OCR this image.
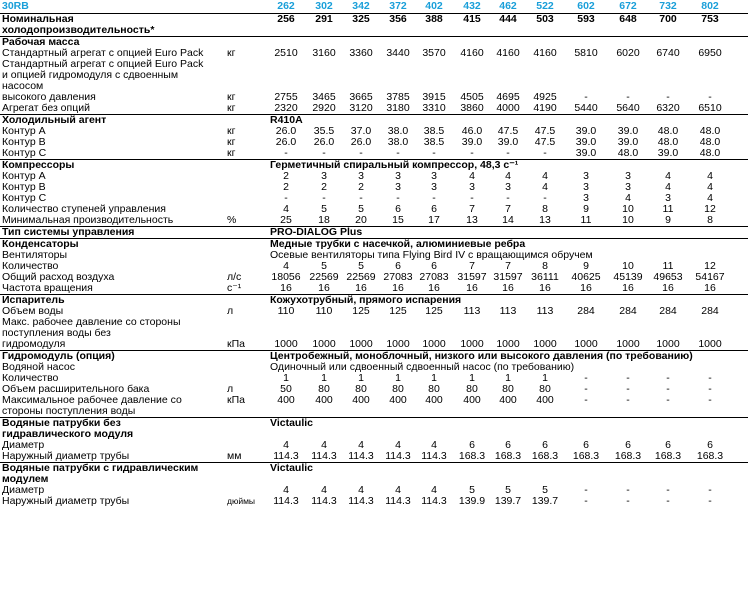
30RB	262	302	342	372	402	432	462	522	602	672	732	802
Номинальная	256	291	325	356	388	415	444	503	593	648	700	753
холодопроизводительность*
Рабочая масса
Стандартный агрегат с опцией Euro Pack	кг	2510	3160	3360	3440	3570	4160	4160	4160	5810	6020	6740	6950
Стандартный агрегат с опцией Euro Pack
и опцией гидромодуля с сдвоенным
насосом
высокого давления	кг	2755	3465	3665	3785	3915	4505	4695	4925	-	-	-	-
Агрегат без опций	кг	2320	2920	3120	3180	3310	3860	4000	4190	5440	5640	6320	6510
Холодильный агент	R410A
Контур A	кг	26.0	35.5	37.0	38.0	38.5	46.0	47.5	47.5	39.0	39.0	48.0	48.0
Контур B	кг	26.0	26.0	26.0	38.0	38.5	39.0	39.0	47.5	39.0	39.0	48.0	48.0
Контур C	кг	-	-	-	-	-	-	-	-	39.0	48.0	39.0	48.0
Компрессоры	Герметичный спиральный компрессор, 48,3 с⁻¹
Контур A	2	3	3	3	3	4	4	4	3	3	4	4
Контур B	2	2	2	3	3	3	3	4	3	3	4	4
Контур C	-	-	-	-	-	-	-	-	3	4	3	4
Количество ступеней управления	4	5	5	6	6	7	7	8	9	10	11	12
Минимальная производительность	%	25	18	20	15	17	13	14	13	11	10	9	8
Тип системы управления	PRO-DIALOG Plus
Конденсаторы	Медные трубки с насечкой, алюминиевые ребра
Вентиляторы	Осевые вентиляторы типа Flying Bird IV с вращающимся обручем
Количество	4	5	5	6	6	7	7	8	9	10	11	12
Общий расход воздуха	л/с	18056 22569 22569 27083 27083 31597 31597 36111	40625	45139	49653	54167
Частота вращения	с⁻¹	16	16	16	16	16	16	16	16	16	16	16	16
Испаритель	Кожухотрубный, прямого испарения
Объем воды	л	110	110	125	125	125	113	113	113	284	284	284	284
Макс. рабочее давление со стороны
поступления воды без
гидромодуля	кПа	1000	1000	1000	1000	1000	1000	1000	1000	1000	1000	1000	1000
Гидромодуль (опция)	Центробежный, моноблочный, низкого или высокого давления (по требованию)
Водяной насос	Одиночный или сдвоенный сдвоенный насос (по требованию)
Количество	1	1	1	1	1	1	1	1	-	-	-	-
Объем расширительного бака	л	50	80	80	80	80	80	80	80	-	-	-	-
Максимальное рабочее давление со	кПа	400	400	400	400	400	400	400	400	-	-	-	-
стороны поступления воды
Водяные патрубки без	Victaulic
гидравлического модуля
Диаметр	4	4	4	4	4	6	6	6	6	6	6	6
Наружный диаметр трубы	мм	114.3	114.3	114.3	114.3	114.3	168.3 168.3	168.3	168.3	168.3	168.3	168.3
Водяные патрубки с гидравлическим	Victaulic
модулем
Диаметр	4	4	4	4	4	5	5	5	-	-	-	-
Наружный диаметр трубы	дюймы	114.3	114.3	114.3	114.3	114.3	139.9 139.7	139.7	-	-	-	-
